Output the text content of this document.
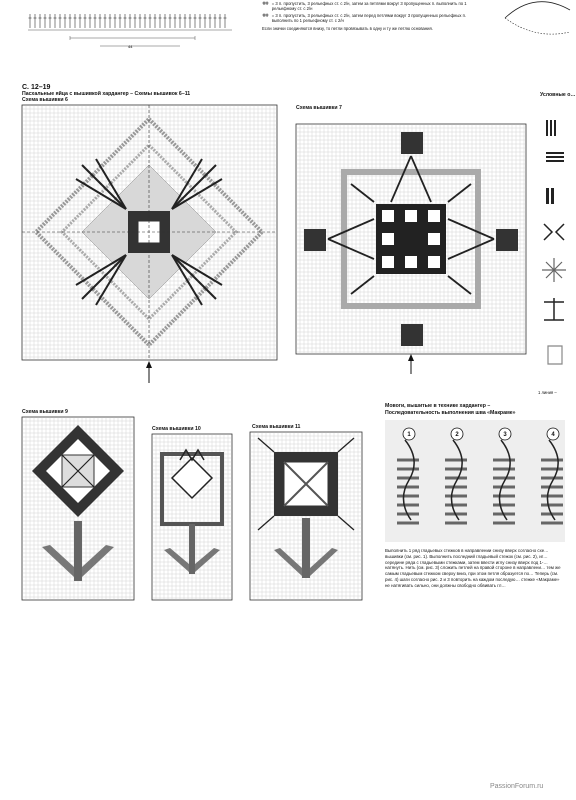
44
ǂǂǂǂ = 3 п. пропустить, 3 рельефных ст. с 2/н, затем за петлями вокруг 3 пропущенных п. выполнить по 1 рельефному ст. с 2/н
ǂǂǂǂ = 3 п. пропустить, 3 рельефных ст. с 2/н, затем перед петлями вокруг 3 пропущенных рельефных п. выполнить по 1 рельефному ст. с 2/н
Если значки соединяются внизу, то петли провязывать в одну и ту же петлю основания.
С. 12–19
Пасхальные яйца с вышивкой хардангер – Схемы вышивок 6–11
Схема вышивки 6
Схема вышивки 7
Условные о…
1 линия –
Схема вышивки 9
Схема вышивки 10	Схема вышивки 11
Мовоги, вышитые в технике хардангер –
Последовательность выполнения шва «Макраме»
1	2	3	4
Выполнить 1 ряд гладьевых стежков в направлении снизу вверх согласно схе… вышивки (см. рис. 1). Выполнить последний гладьевый стежок (см. рис. 2), иг… середине ряда с гладьевыми стежками, затем ввести иглу снизу вверх под 1-… натянуть. Нить (см. рис. 3) сложить петлей на правой стороне в направлени… тем же самым гладьевым стежком сверху вниз, при этом петля образуется по… Теперь (см. рис. 4) шаги согласно рис. 2 и 3 повторить на каждом последую… стежке «Макраме» не натягивать сильно, они должны свободно обвивать гл…
PassionForum.ru
